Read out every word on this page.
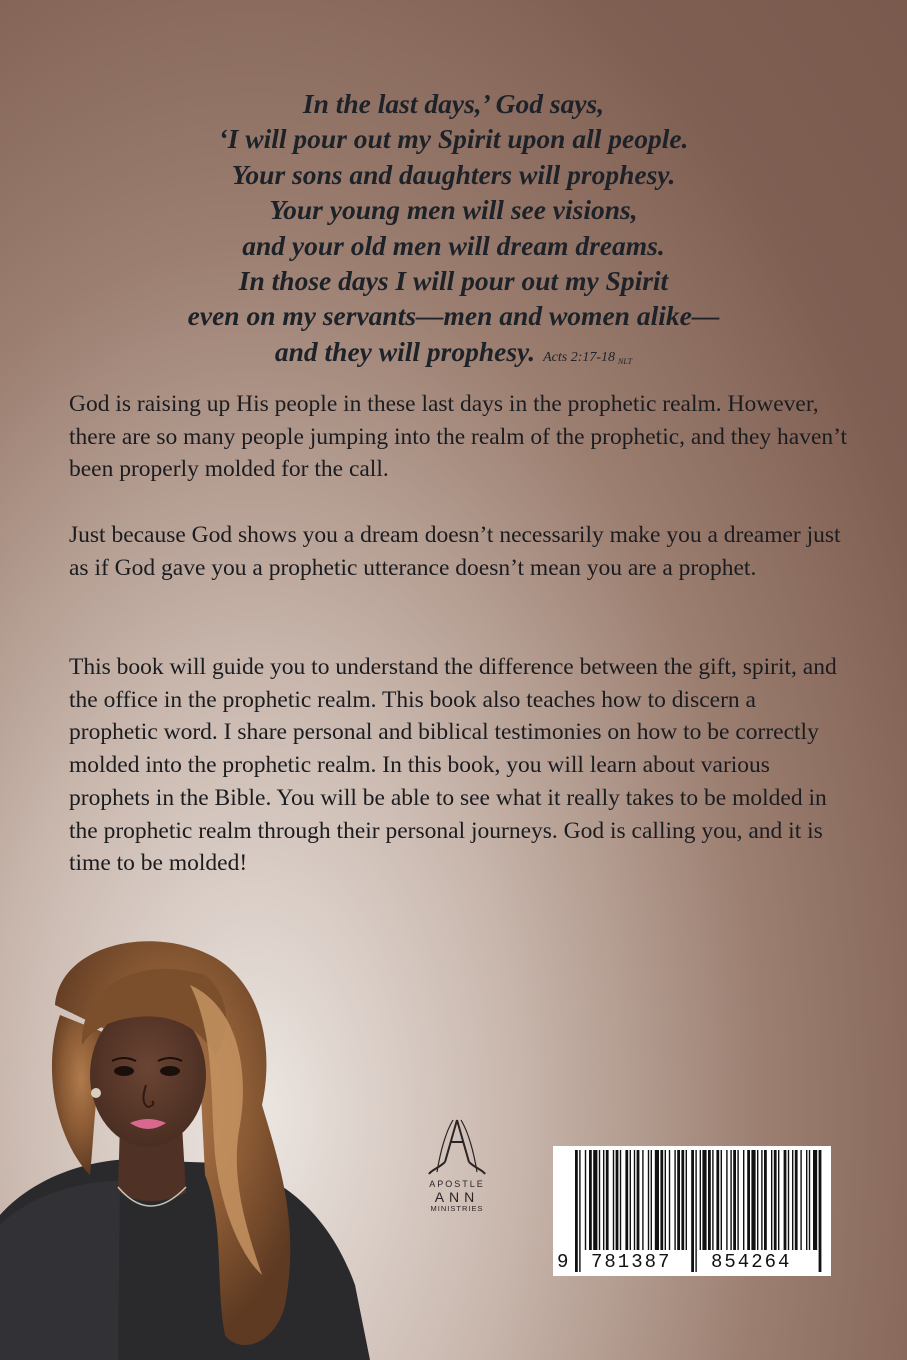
In the last days,’ God says,
‘I will pour out my Spirit upon all people.
Your sons and daughters will prophesy.
Your young men will see visions,
and your old men will dream dreams.
In those days I will pour out my Spirit
even on my servants—men and women alike—
and they will prophesy. Acts 2:17-18 NLT

God is raising up His people in these last days in the prophetic realm. However, there are so many people jumping into the realm of the prophetic, and they haven’t been properly molded for the call.

Just because God shows you a dream doesn’t necessarily make you a dreamer just as if God gave you a prophetic utterance doesn’t mean you are a prophet.

This book will guide you to understand the difference between the gift, spirit, and the office in the prophetic realm. This book also teaches how to discern a prophetic word. I share personal and biblical testimonies on how to be correctly molded into the prophetic realm. In this book, you will learn about various prophets in the Bible. You will be able to see what it really takes to be molded in the prophetic realm through their personal journeys. God is calling you, and it is time to be molded!

APOSTLE
ANN
MINISTRIES
9 781387 854264
